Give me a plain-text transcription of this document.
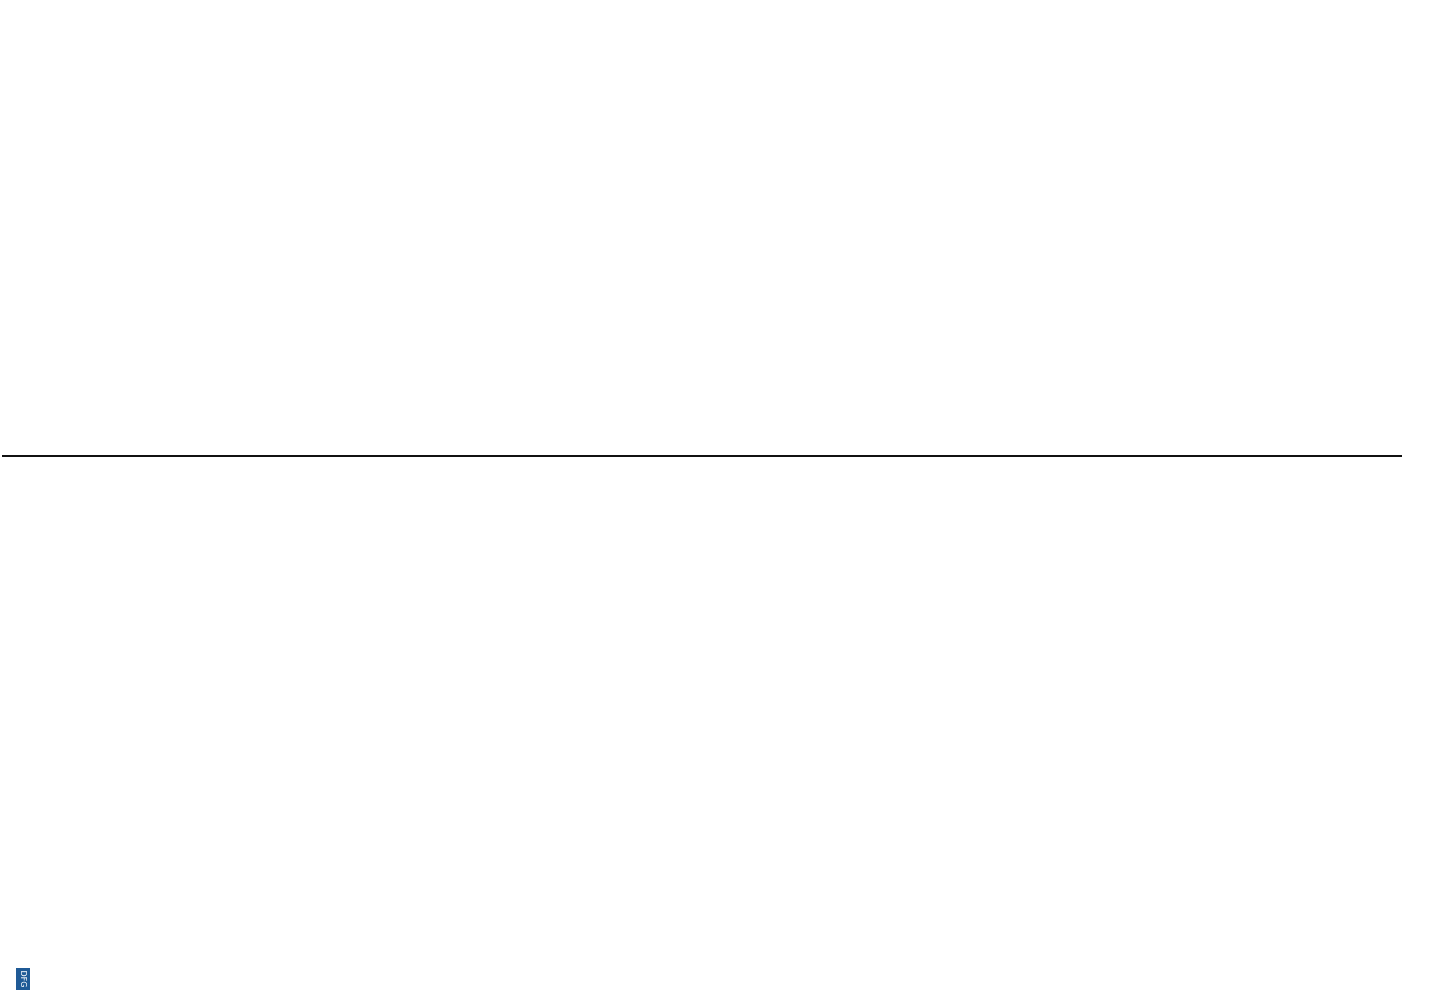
DFG
